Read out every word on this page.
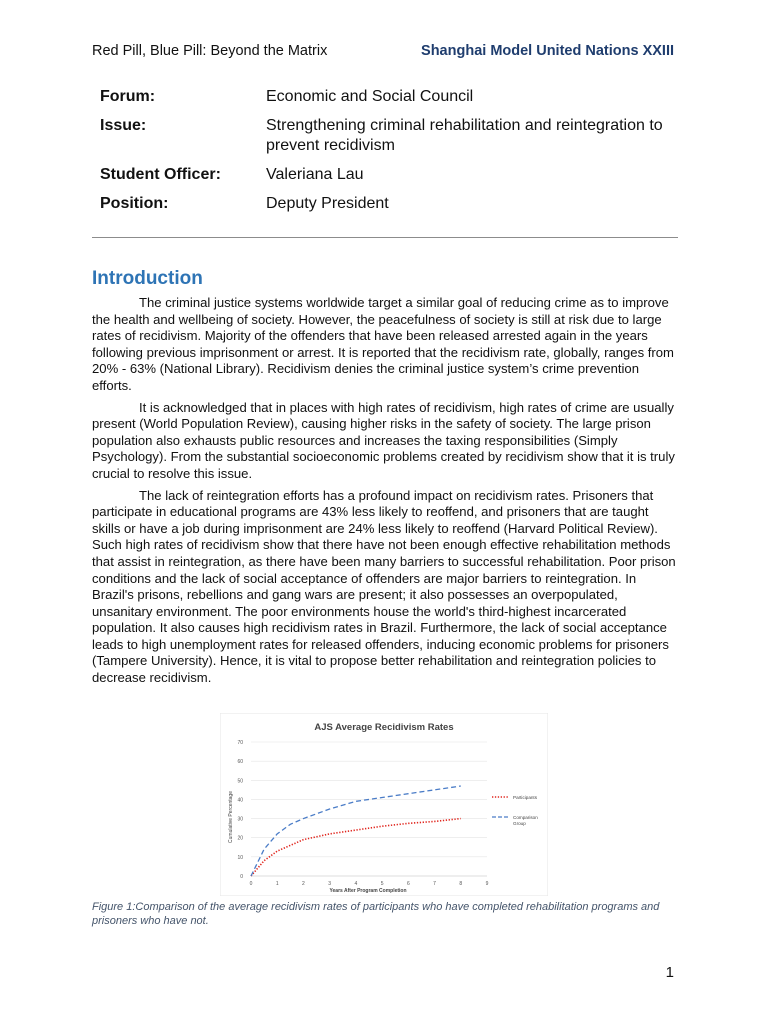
Red Pill, Blue Pill: Beyond the Matrix	Shanghai Model United Nations XXIII
Forum:	Economic and Social Council
Issue:	Strengthening criminal rehabilitation and reintegration to prevent recidivism
Student Officer:	Valeriana Lau
Position:	Deputy President
Introduction

The criminal justice systems worldwide target a similar goal of reducing crime as to improve the health and wellbeing of society. However, the peacefulness of society is still at risk due to large rates of recidivism. Majority of the offenders that have been released arrested again in the years following previous imprisonment or arrest. It is reported that the recidivism rate, globally, ranges from 20% - 63% (National Library). Recidivism denies the criminal justice system’s crime prevention efforts.

It is acknowledged that in places with high rates of recidivism, high rates of crime are usually present (World Population Review), causing higher risks in the safety of society. The large prison population also exhausts public resources and increases the taxing responsibilities (Simply Psychology). From the substantial socioeconomic problems created by recidivism show that it is truly crucial to resolve this issue.

The lack of reintegration efforts has a profound impact on recidivism rates. Prisoners that participate in educational programs are 43% less likely to reoffend, and prisoners that are taught skills or have a job during imprisonment are 24% less likely to reoffend (Harvard Political Review). Such high rates of recidivism show that there have not been enough effective rehabilitation methods that assist in reintegration, as there have been many barriers to successful rehabilitation. Poor prison conditions and the lack of social acceptance of offenders are major barriers to reintegration. In Brazil's prisons, rebellions and gang wars are present; it also possesses an overpopulated, unsanitary environment. The poor environments house the world's third-highest incarcerated population. It also causes high recidivism rates in Brazil. Furthermore, the lack of social acceptance leads to high unemployment rates for released offenders, inducing economic problems for prisoners (Tampere University). Hence, it is vital to propose better rehabilitation and reintegration policies to decrease recidivism.

AJS Average Recidivism Rates
0
10
20
30
40
50
60
70
0	1	2	3	4	5	6	7	8	9
Cumulative Percentage
Years After Program Completion
Participants
Comparison Group
Figure 1:Comparison of the average recidivism rates of participants who have completed rehabilitation programs and prisoners who have not.
1
